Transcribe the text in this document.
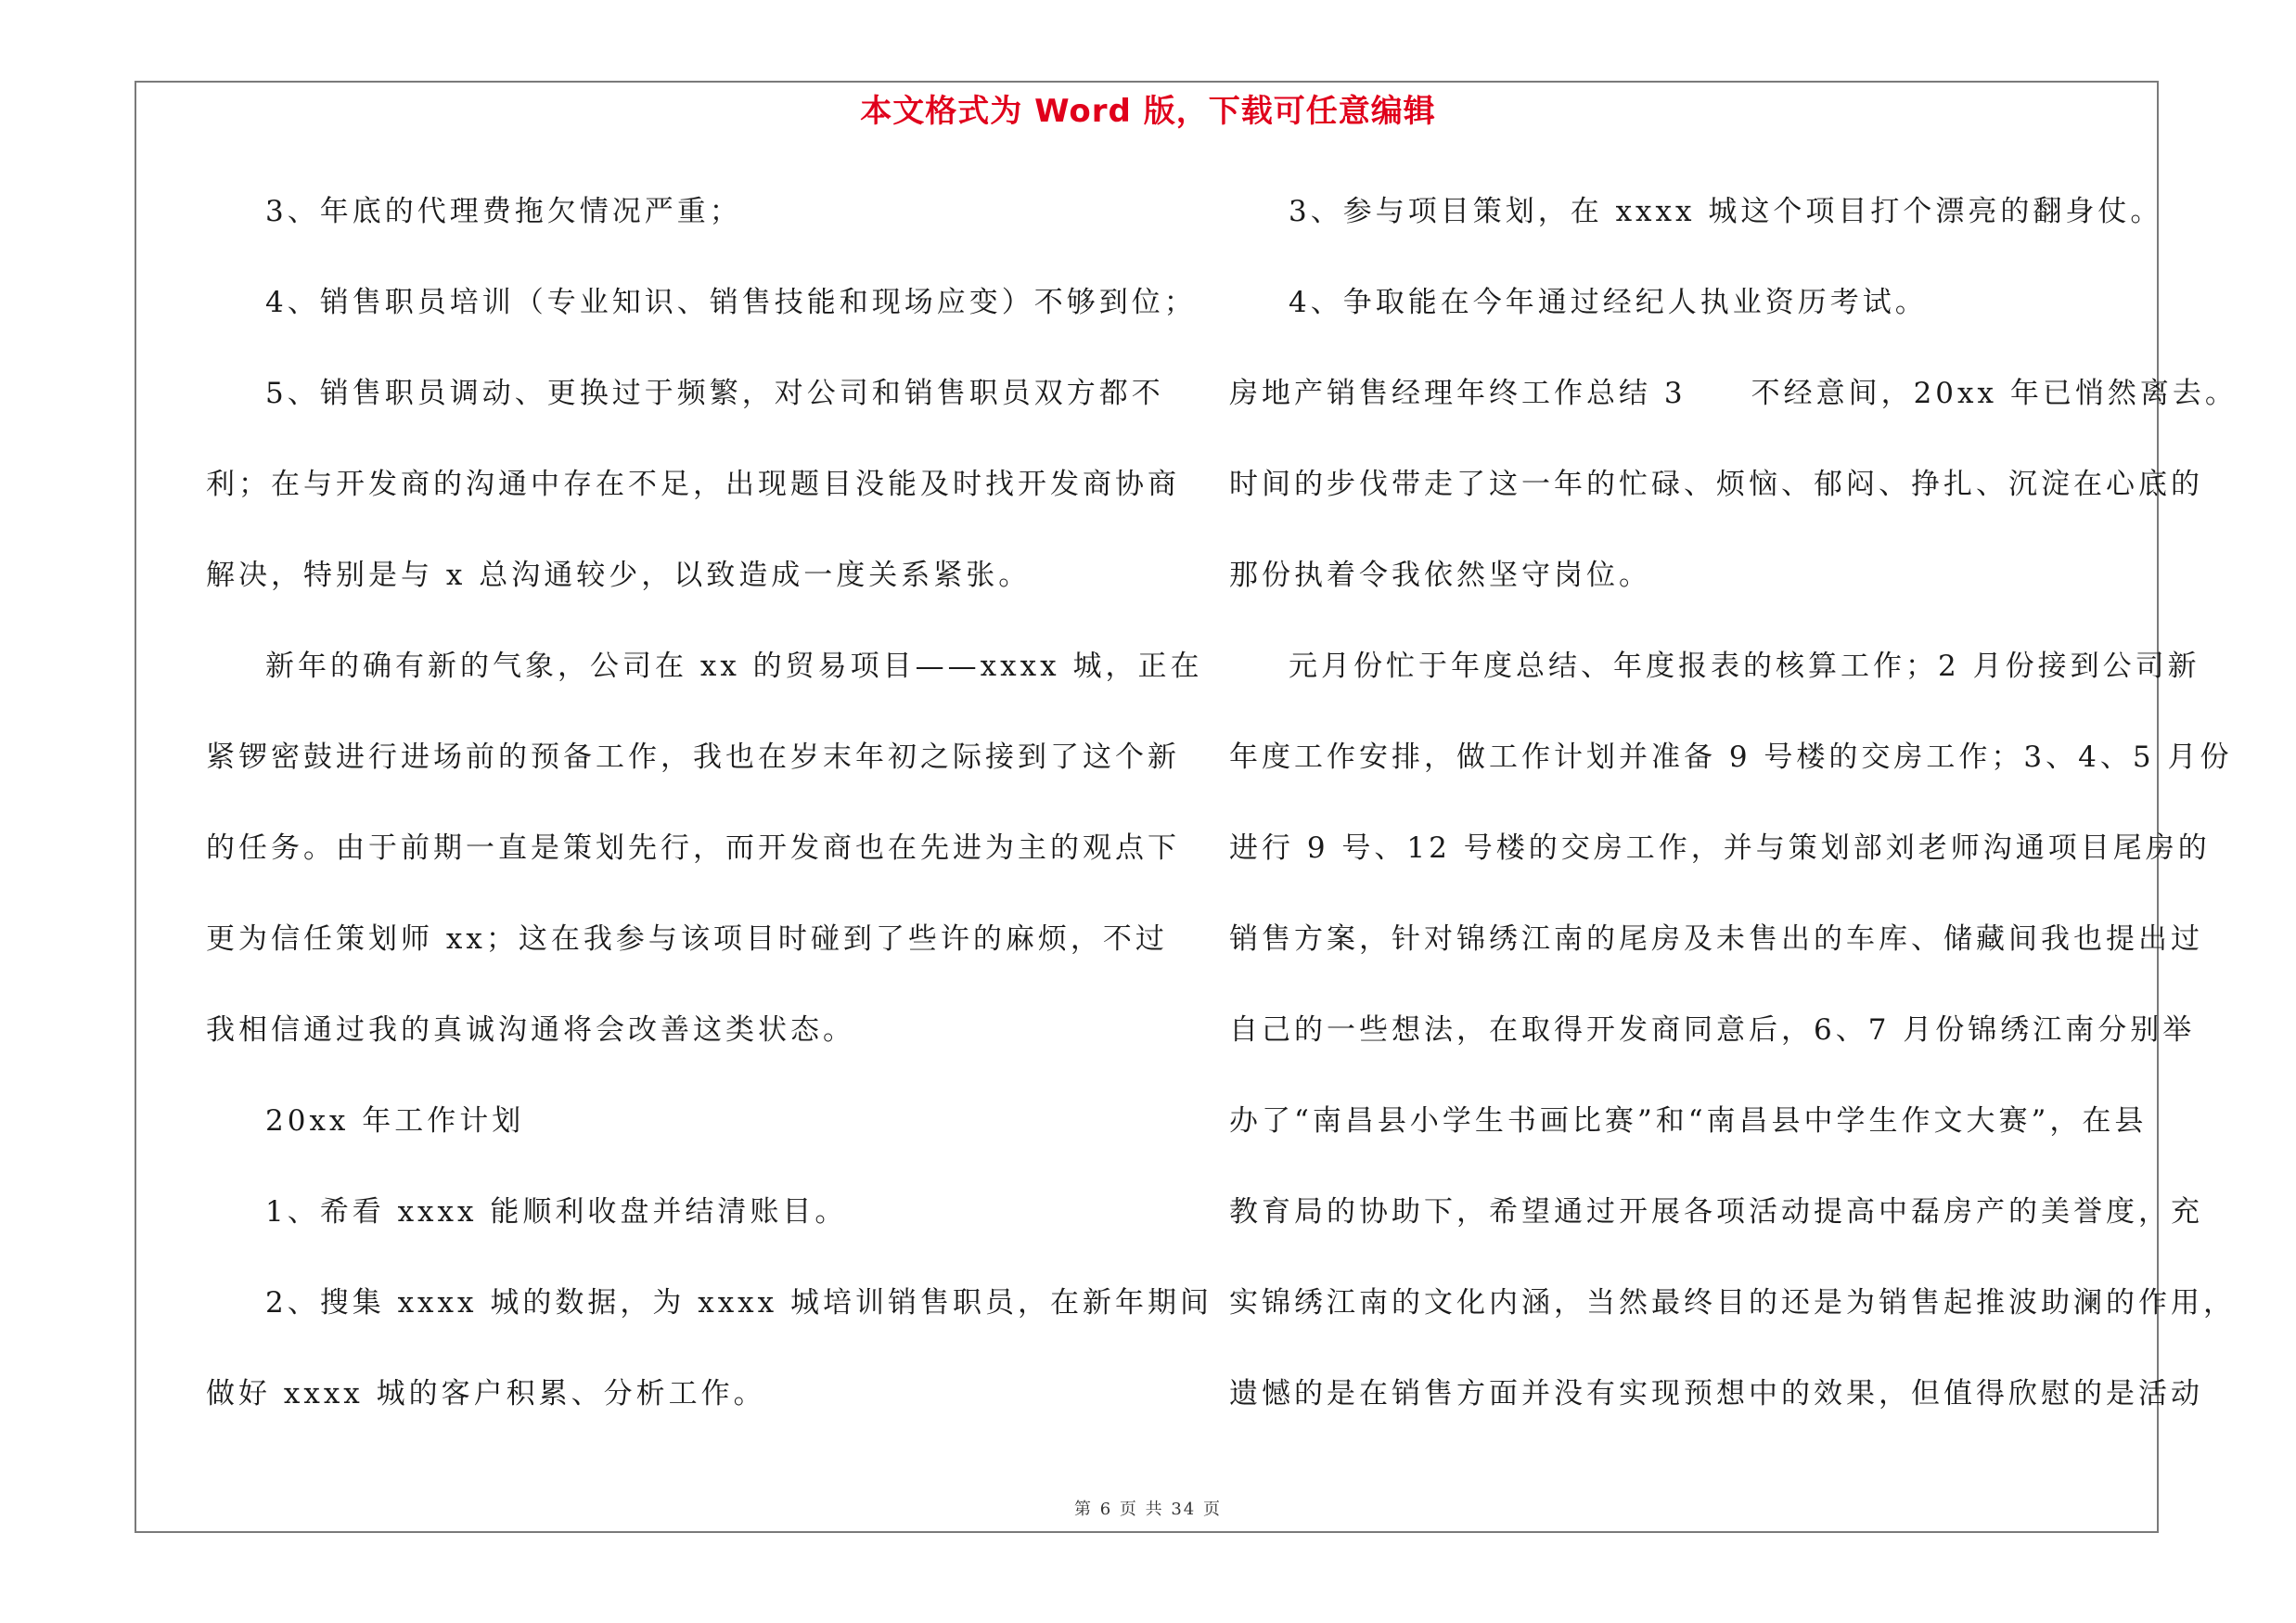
本文格式为 Word 版，下载可任意编辑
3、年底的代理费拖欠情况严重；
4、销售职员培训（专业知识、销售技能和现场应变）不够到位；
5、销售职员调动、更换过于频繁，对公司和销售职员双方都不
利；在与开发商的沟通中存在不足，出现题目没能及时找开发商协商
解决，特别是与 x 总沟通较少，以致造成一度关系紧张。
新年的确有新的气象，公司在 xx 的贸易项目——xxxx 城，正在
紧锣密鼓进行进场前的预备工作，我也在岁末年初之际接到了这个新
的任务。由于前期一直是策划先行，而开发商也在先进为主的观点下
更为信任策划师 xx；这在我参与该项目时碰到了些许的麻烦，不过
我相信通过我的真诚沟通将会改善这类状态。
20xx 年工作计划
1、希看 xxxx 能顺利收盘并结清账目。
2、搜集 xxxx 城的数据，为 xxxx 城培训销售职员，在新年期间
做好 xxxx 城的客户积累、分析工作。
3、参与项目策划，在 xxxx 城这个项目打个漂亮的翻身仗。
4、争取能在今年通过经纪人执业资历考试。
房地产销售经理年终工作总结 3　　不经意间，20xx 年已悄然离去。
时间的步伐带走了这一年的忙碌、烦恼、郁闷、挣扎、沉淀在心底的
那份执着令我依然坚守岗位。
元月份忙于年度总结、年度报表的核算工作；2 月份接到公司新
年度工作安排，做工作计划并准备 9 号楼的交房工作；3、4、5 月份
进行 9 号、12 号楼的交房工作，并与策划部刘老师沟通项目尾房的
销售方案，针对锦绣江南的尾房及未售出的车库、储藏间我也提出过
自己的一些想法，在取得开发商同意后，6、7 月份锦绣江南分别举
办了“南昌县小学生书画比赛”和“南昌县中学生作文大赛”，在县
教育局的协助下，希望通过开展各项活动提高中磊房产的美誉度，充
实锦绣江南的文化内涵，当然最终目的还是为销售起推波助澜的作用，
遗憾的是在销售方面并没有实现预想中的效果，但值得欣慰的是活动
第 6 页 共 34 页
